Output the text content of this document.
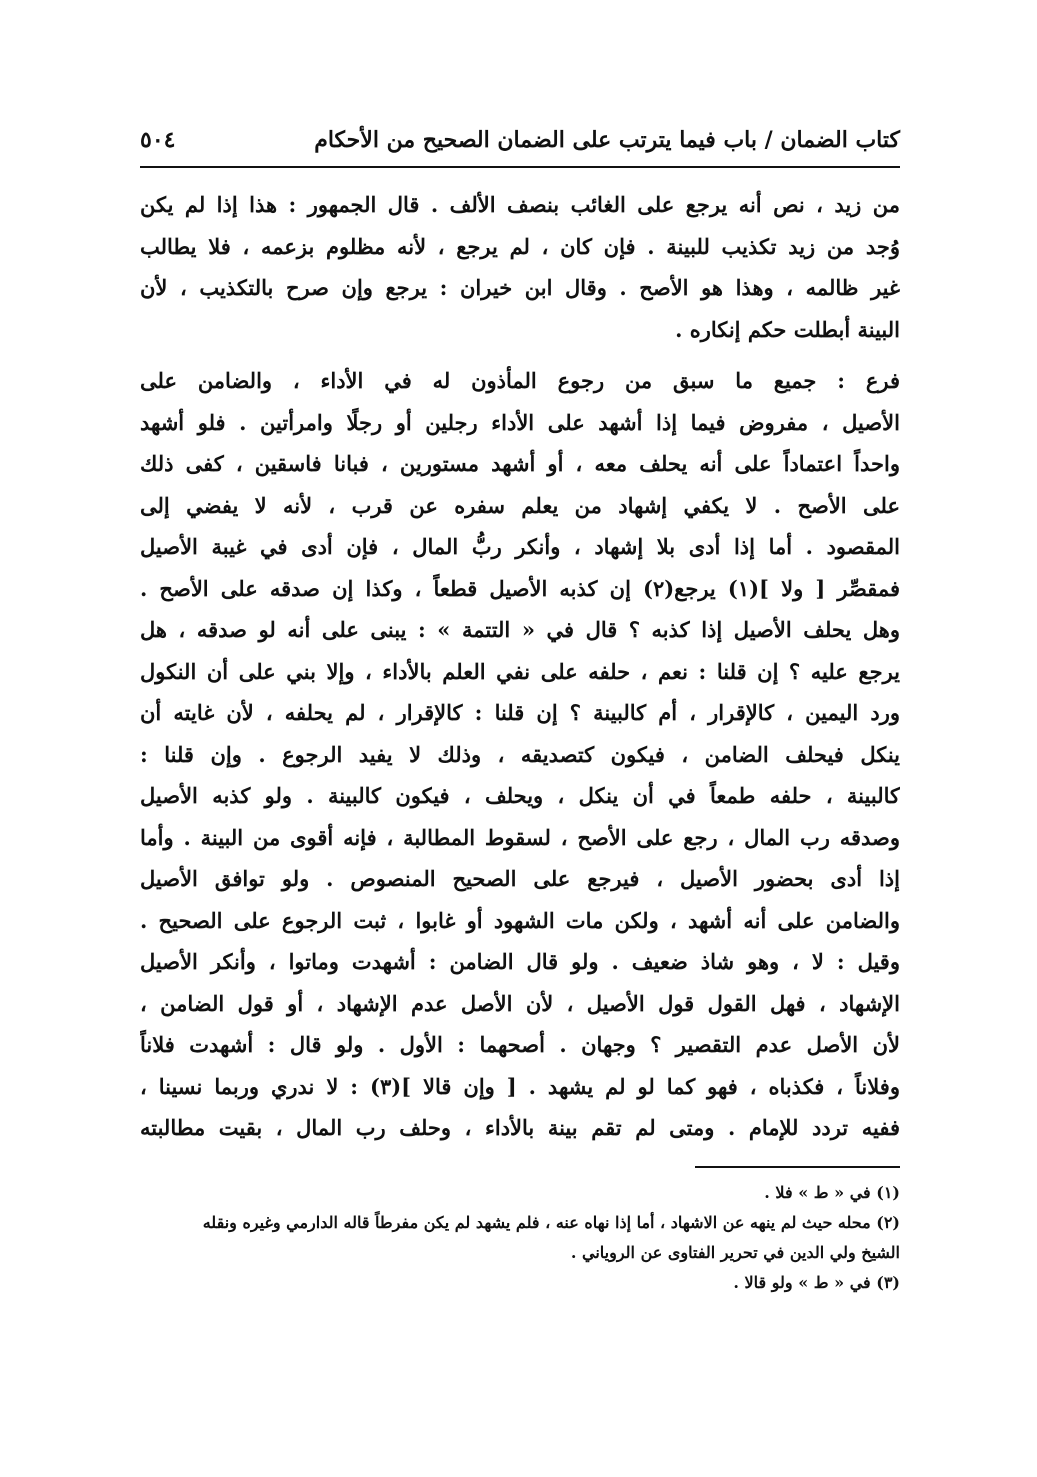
كتاب الضمان / باب فيما يترتب على الضمان الصحيح من الأحكام
٥٠٤
من زيد ، نص أنه يرجع على الغائب بنصف الألف . قال الجمهور : هذا إذا لم يكن
وُجد من زيد تكذيب للبينة . فإن كان ، لم يرجع ، لأنه مظلوم بزعمه ، فلا يطالب
غير ظالمه ، وهذا هو الأصح . وقال ابن خيران : يرجع وإن صرح بالتكذيب ، لأن
البينة أبطلت حكم إنكاره .
فرع : جميع ما سبق من رجوع المأذون له في الأداء ، والضامن على
الأصيل ، مفروض فيما إذا أشهد على الأداء رجلين أو رجلًا وامرأتين . فلو أشهد
واحداً اعتماداً على أنه يحلف معه ، أو أشهد مستورين ، فبانا فاسقين ، كفى ذلك
على الأصح . لا يكفي إشهاد من يعلم سفره عن قرب ، لأنه لا يفضي إلى
المقصود . أما إذا أدى بلا إشهاد ، وأنكر ربُّ المال ، فإن أدى في غيبة الأصيل
فمقصِّر [ ولا ](١) يرجع(٢) إن كذبه الأصيل قطعاً ، وكذا إن صدقه على الأصح .
وهل يحلف الأصيل إذا كذبه ؟ قال في « التتمة » : يبنى على أنه لو صدقه ، هل
يرجع عليه ؟ إن قلنا : نعم ، حلفه على نفي العلم بالأداء ، وإلا بني على أن النكول
ورد اليمين ، كالإقرار ، أم كالبينة ؟ إن قلنا : كالإقرار ، لم يحلفه ، لأن غايته أن
ينكل فيحلف الضامن ، فيكون كتصديقه ، وذلك لا يفيد الرجوع . وإن قلنا :
كالبينة ، حلفه طمعاً في أن ينكل ، ويحلف ، فيكون كالبينة . ولو كذبه الأصيل
وصدقه رب المال ، رجع على الأصح ، لسقوط المطالبة ، فإنه أقوى من البينة . وأما
إذا أدى بحضور الأصيل ، فيرجع على الصحيح المنصوص . ولو توافق الأصيل
والضامن على أنه أشهد ، ولكن مات الشهود أو غابوا ، ثبت الرجوع على الصحيح .
وقيل : لا ، وهو شاذ ضعيف . ولو قال الضامن : أشهدت وماتوا ، وأنكر الأصيل
الإشهاد ، فهل القول قول الأصيل ، لأن الأصل عدم الإشهاد ، أو قول الضامن ،
لأن الأصل عدم التقصير ؟ وجهان . أصحهما : الأول . ولو قال : أشهدت فلاناً
وفلاناً ، فكذباه ، فهو كما لو لم يشهد . [ وإن قالا ](٣) : لا ندري وربما نسينا ،
ففيه تردد للإمام . ومتى لم تقم بينة بالأداء ، وحلف رب المال ، بقيت مطالبته
(١) في « ط » فلا .
(٢) محله حيث لم ينهه عن الاشهاد ، أما إذا نهاه عنه ، فلم يشهد لم يكن مفرطاً قاله الدارمي وغيره ونقله
الشيخ ولي الدين في تحرير الفتاوى عن الروياني .
(٣) في « ط » ولو قالا .
